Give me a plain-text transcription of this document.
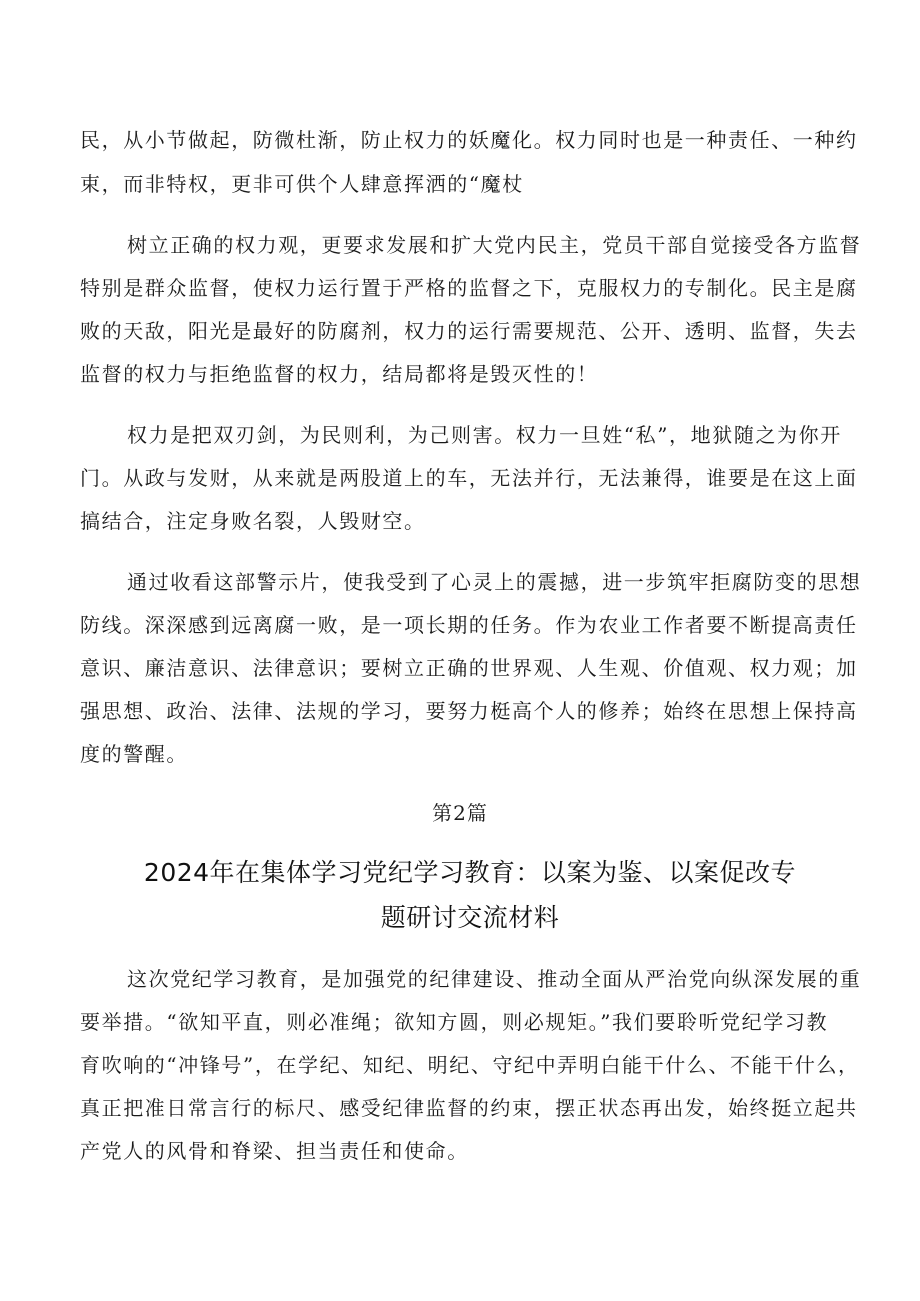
民，从小节做起，防微杜渐，防止权力的妖魔化。权力同时也是一种责任、一种约
束，而非特权，更非可供个人肆意挥洒的“魔杖
树立正确的权力观，更要求发展和扩大党内民主，党员干部自觉接受各方监督
特别是群众监督，使权力运行置于严格的监督之下，克服权力的专制化。民主是腐
败的天敌，阳光是最好的防腐剂，权力的运行需要规范、公开、透明、监督，失去
监督的权力与拒绝监督的权力，结局都将是毁灭性的！
权力是把双刃剑，为民则利，为己则害。权力一旦姓“私”，地狱随之为你开
门。从政与发财，从来就是两股道上的车，无法并行，无法兼得，谁要是在这上面
搞结合，注定身败名裂，人毁财空。
通过收看这部警示片，使我受到了心灵上的震撼，进一步筑牢拒腐防变的思想
防线。深深感到远离腐一败，是一项长期的任务。作为农业工作者要不断提高责任
意识、廉洁意识、法律意识；要树立正确的世界观、人生观、价值观、权力观；加
强思想、政治、法律、法规的学习，要努力梃高个人的修养；始终在思想上保持高
度的警醒。
第2篇
2024年在集体学习党纪学习教育：以案为鉴、以案促改专
题研讨交流材料
这次党纪学习教育，是加强党的纪律建设、推动全面从严治党向纵深发展的重
要举措。“欲知平直，则必准绳；欲知方圆，则必规矩。”我们要聆听党纪学习教
育吹响的“冲锋号”，在学纪、知纪、明纪、守纪中弄明白能干什么、不能干什么，
真正把准日常言行的标尺、感受纪律监督的约束，摆正状态再出发，始终挺立起共
产党人的风骨和脊梁、担当责任和使命。
